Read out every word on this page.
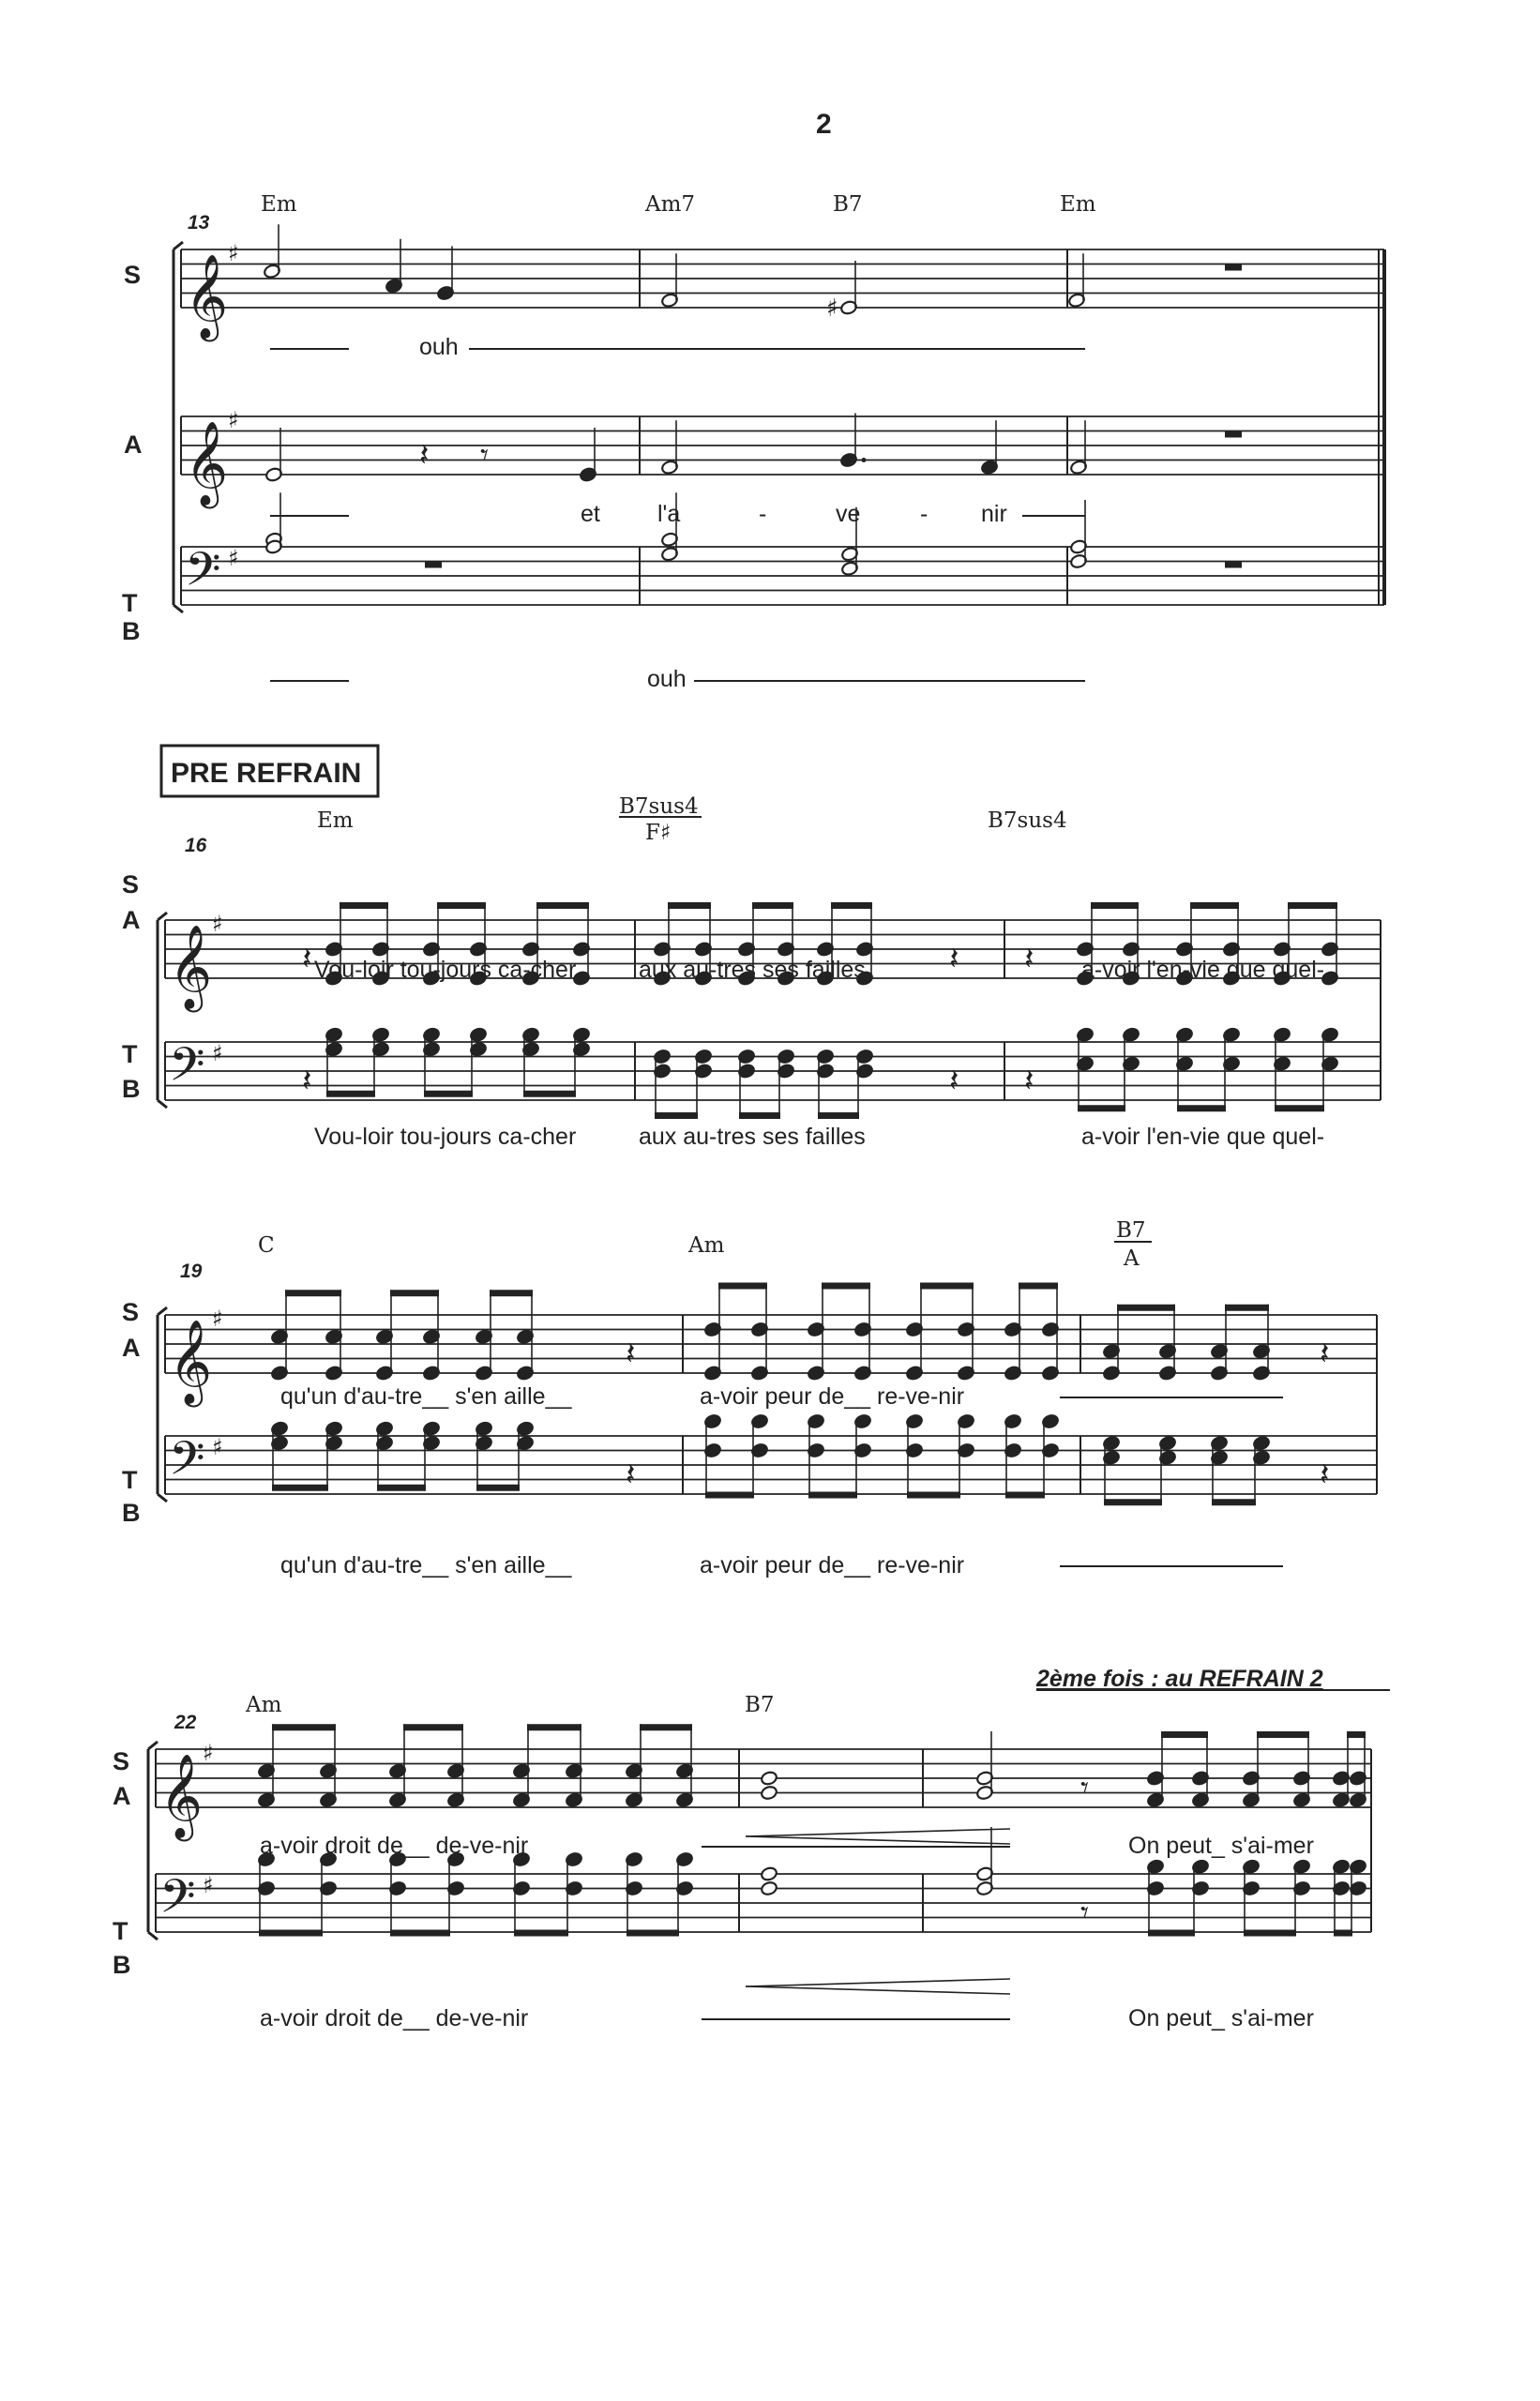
𝄞
♯
𝄞
♯
𝄢 ♯
♯
𝄽 𝄾
𝄞
♯
𝄢 ♯
𝄽
𝄽
𝄽
𝄽
𝄽
𝄽
𝄞
♯
𝄢 ♯
𝄽	𝄽
𝄽	𝄽
𝄞
♯
𝄢 ♯
𝄾
𝄾
2
13
Em	Am7	B7	Em
S
A
T
B
ouh
et l'a	-	ve	- nir
ouh
PRE REFRAIN
16
Em
B7sus4
F♯	B7sus4
S
A
T
B
Vou-loir tou-jours ca-cher	aux au-tres ses failles	a-voir l'en-vie que quel-
Vou-loir tou-jours ca-cher	aux au-tres ses failles	a-voir l'en-vie que quel-
19
C	Am
B7
A
S
A
T
B
qu'un d'au-tre__ s'en aille__	a-voir peur de__ re-ve-nir
qu'un d'au-tre__ s'en aille__	a-voir peur de__ re-ve-nir
2ème fois : au REFRAIN 2
22
Am	B7
S
A
T
B
a-voir droit de__ de-ve-nir	On peut_ s'ai-mer
a-voir droit de__ de-ve-nir	On peut_ s'ai-mer
